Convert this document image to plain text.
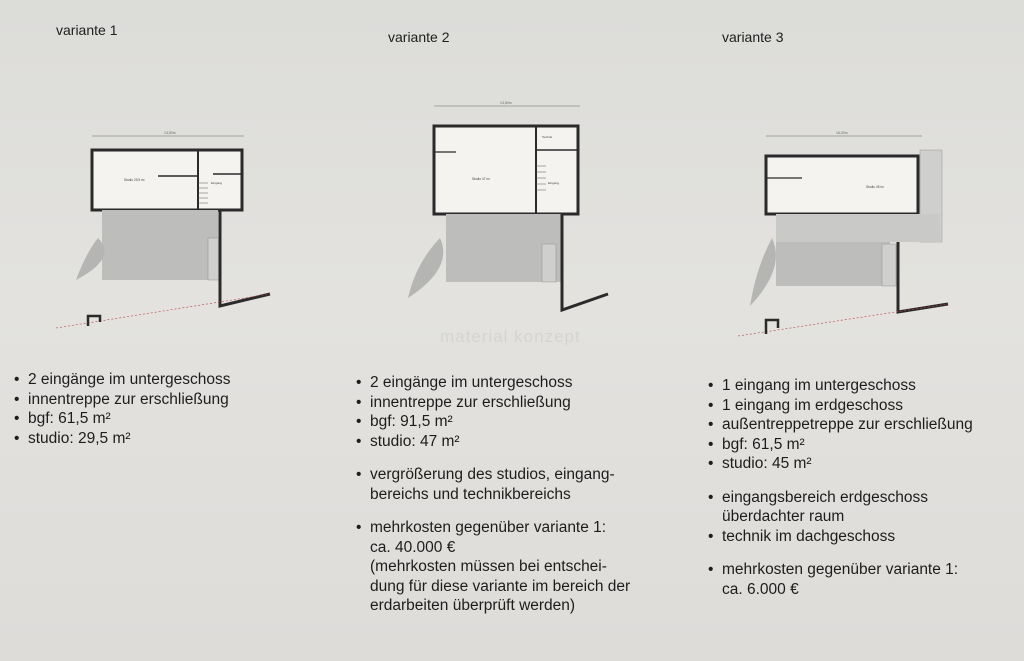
variante 1
13,50m
Studio 29,5 m²
Eingang
• 2 eingänge im untergeschoss
• innentreppe zur erschließung
• bgf: 61,5 m²
• studio: 29,5 m²
variante 2
13,50m
Technik
Studio 47 m²
Eingang
material konzept
• 2 eingänge im untergeschoss
• innentreppe zur erschließung
• bgf: 91,5 m²
• studio: 47 m²
• vergrößerung des studios, eingang-
bereichs und technikbereichs
• mehrkosten gegenüber variante 1:
ca. 40.000 €
(mehrkosten müssen bei entschei-
dung für diese variante im bereich der
erdarbeiten überprüft werden)
variante 3
16,00m
Studio 45 m²
• 1 eingang im untergeschoss
• 1 eingang im erdgeschoss
• außentreppetreppe zur erschließung
• bgf: 61,5 m²
• studio: 45 m²
• eingangsbereich erdgeschoss
überdachter raum
• technik im dachgeschoss
• mehrkosten gegenüber variante 1:
ca. 6.000 €
